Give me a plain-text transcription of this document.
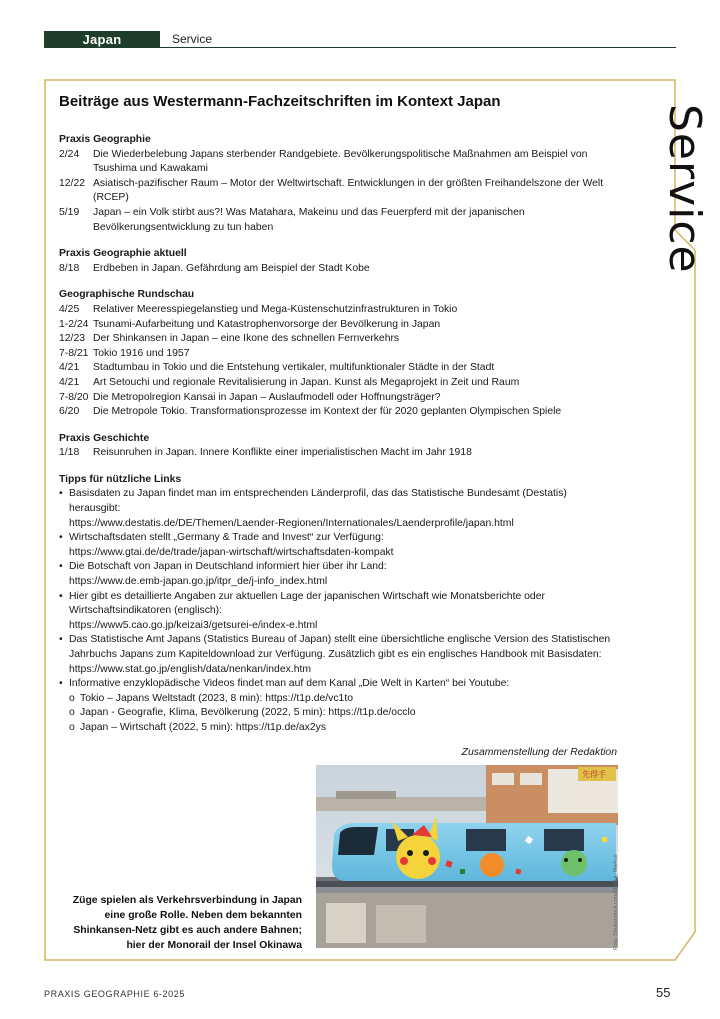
Japan	Service
Service
Beiträge aus Westermann-Fachzeitschriften im Kontext Japan
Praxis Geographie
2/24	Die Wiederbelebung Japans sterbender Randgebiete. Bevölkerungspolitische Maßnahmen am Beispiel von Tsushima und Kawakami
12/22 Asiatisch-pazifischer Raum – Motor der Weltwirtschaft. Entwicklungen in der größten Freihandelszone der Welt (RCEP)
5/19	Japan – ein Volk stirbt aus?! Was Matahara, Makeinu und das Feuerpferd mit der japanischen Bevölkerungsentwicklung zu tun haben
Praxis Geographie aktuell
8/18	Erdbeben in Japan. Gefährdung am Beispiel der Stadt Kobe
Geographische Rundschau
4/25	Relativer Meeresspiegelanstieg und Mega-Küstenschutzinfrastrukturen in Tokio
1-2/24 Tsunami-Aufarbeitung und Katastrophenvorsorge der Bevölkerung in Japan
12/23 Der Shinkansen in Japan – eine Ikone des schnellen Fernverkehrs
7-8/21 Tokio 1916 und 1957
4/21	Stadtumbau in Tokio und die Entstehung vertikaler, multifunktionaler Städte in der Stadt
4/21	Art Setouchi und regionale Revitalisierung in Japan. Kunst als Megaprojekt in Zeit und Raum
7-8/20 Die Metropolregion Kansai in Japan – Auslaufmodell oder Hoffnungsträger?
6/20	Die Metropole Tokio. Transformationsprozesse im Kontext der für 2020 geplanten Olympischen Spiele
Praxis Geschichte
1/18	Reisunruhen in Japan. Innere Konflikte einer imperialistischen Macht im Jahr 1918
Tipps für nützliche Links
• Basisdaten zu Japan findet man im entsprechenden Länderprofil, das das Statistische Bundesamt (Destatis) herausgibt:
https://www.destatis.de/DE/Themen/Laender-Regionen/Internationales/Laenderprofile/japan.html
• Wirtschaftsdaten stellt „Germany & Trade and Invest“ zur Verfügung:
https://www.gtai.de/de/trade/japan-wirtschaft/wirtschaftsdaten-kompakt
• Die Botschaft von Japan in Deutschland informiert hier über ihr Land:
https://www.de.emb-japan.go.jp/itpr_de/j-info_index.html
• Hier gibt es detaillierte Angaben zur aktuellen Lage der japanischen Wirtschaft wie Monatsberichte oder Wirtschaftsindikatoren (englisch):
https://www5.cao.go.jp/keizai3/getsurei-e/index-e.html
• Das Statistische Amt Japans (Statistics Bureau of Japan) stellt eine übersichtliche englische Version des Statistischen Jahrbuchs Japans zum Kapiteldownload zur Verfügung. Zusätzlich gibt es ein englisches Handbook mit Basisdaten:
https://www.stat.go.jp/english/data/nenkan/index.htm
• Informative enzyklopädische Videos findet man auf dem Kanal „Die Welt in Karten“ bei Youtube:
o Tokio – Japans Weltstadt (2023, 8 min): https://t1p.de/vc1to
o Japan - Geografie, Klima, Bevölkerung (2022, 5 min): https://t1p.de/occlo
o Japan – Wirtschaft (2022, 5 min): https://t1p.de/ax2ys
Zusammenstellung der Redaktion
Züge spielen als Verkehrsverbindung in Japan eine große Rolle. Neben dem bekannten Shinkansen-Netz gibt es auch andere Bahnen; hier der Monorail der Insel Okinawa
先得手
Foto: Shutterstock.com/Marika, Markus
PRAXIS GEOGRAPHIE 6-2025	55
